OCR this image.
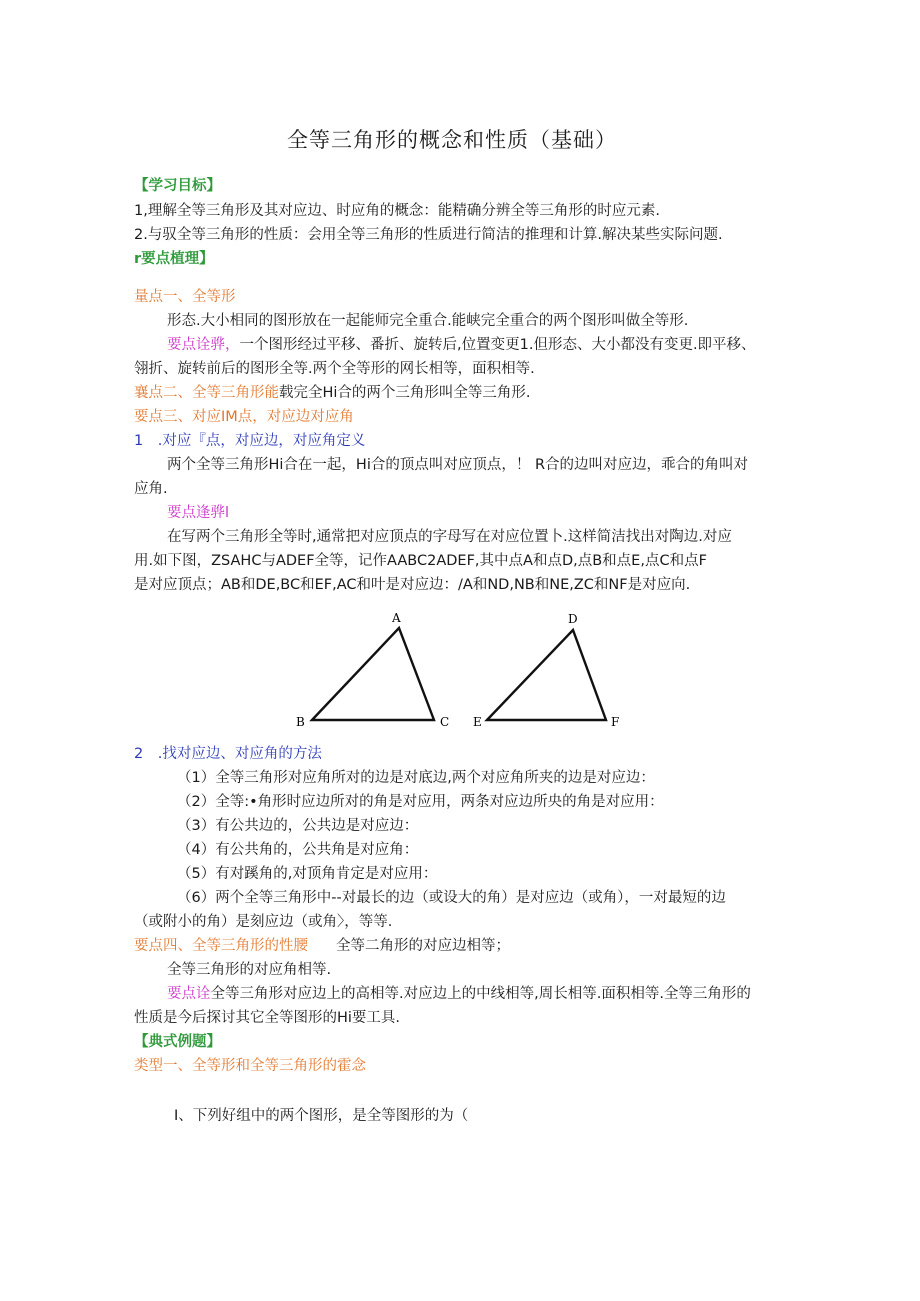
全等三角形的概念和性质（基础）
【学习目标】
1,理解全等三角形及其对应边、时应角的概念：能精确分辨全等三角形的时应元素.
2.与驭全等三角形的性质：会用全等三角形的性质进行简洁的推理和计算.解决某些实际问题.
r要点植理】
量点一、全等形
形态.大小相同的图形放在一起能师完全重合.能峡完全重合的两个图形叫做全等形.
要点诠骅，一个图形经过平移、番折、旋转后,位置变更1.但形态、大小都没有变更.即平移、
翎折、旋转前后的图形全等.两个全等形的网长相等，面积相等.
襄点二、全等三角形能载完全Hi合的两个三角形叫全等三角形.
要点三、对应IM点，对应边对应角
1　.对应『点，对应边，对应角定义
两个全等三角形Hi合在一起，Hi合的顶点叫对应顶点，！ R合的边叫对应边，乖合的角叫对
应角.
要点逢骅l
在写两个三角形全等时,通常把对应顶点的字母写在对应位置卜.这样简洁找出对陶边.对应
用.如下图，ZSAHC与ADEF全等，记作AABC2ADEF,其中点A和点D,点B和点E,点C和点F
是对应顶点；AB和DE,BC和EF,AC和叶是对应边：/A和ND,NB和NE,ZC和NF是对应向.
A
B	C
D
E	F
2　.找对应边、对应角的方法
（1）全等三角形对应角所对的边是对底边,两个对应角所夹的边是对应边：
（2）全等:•角形时应边所对的角是对应用，两条对应边所央的角是对应用：
（3）有公共边的，公共边是对应边：
（4）有公共角的，公共角是对应角：
（5）有对蹊角的,对顶角肯定是对应用：
（6）两个全等三角形中--对最长的边（或设大的角）是对应边（或角），一对最短的边
（或附小的角）是刻应边（或角〉，等等.
要点四、全等三角形的性腰 全等二角形的对应边相等；
全等三角形的对应角相等.
要点诠全等三角形对应边上的高相等.对应边上的中线相等,周长相等.面积相等.全等三角形的
性质是今后探讨其它全等图形的Hi要工具.
【典式例题】
类型一、全等形和全等三角形的霍念
I、下列好组中的两个图形，是全等图形的为（
